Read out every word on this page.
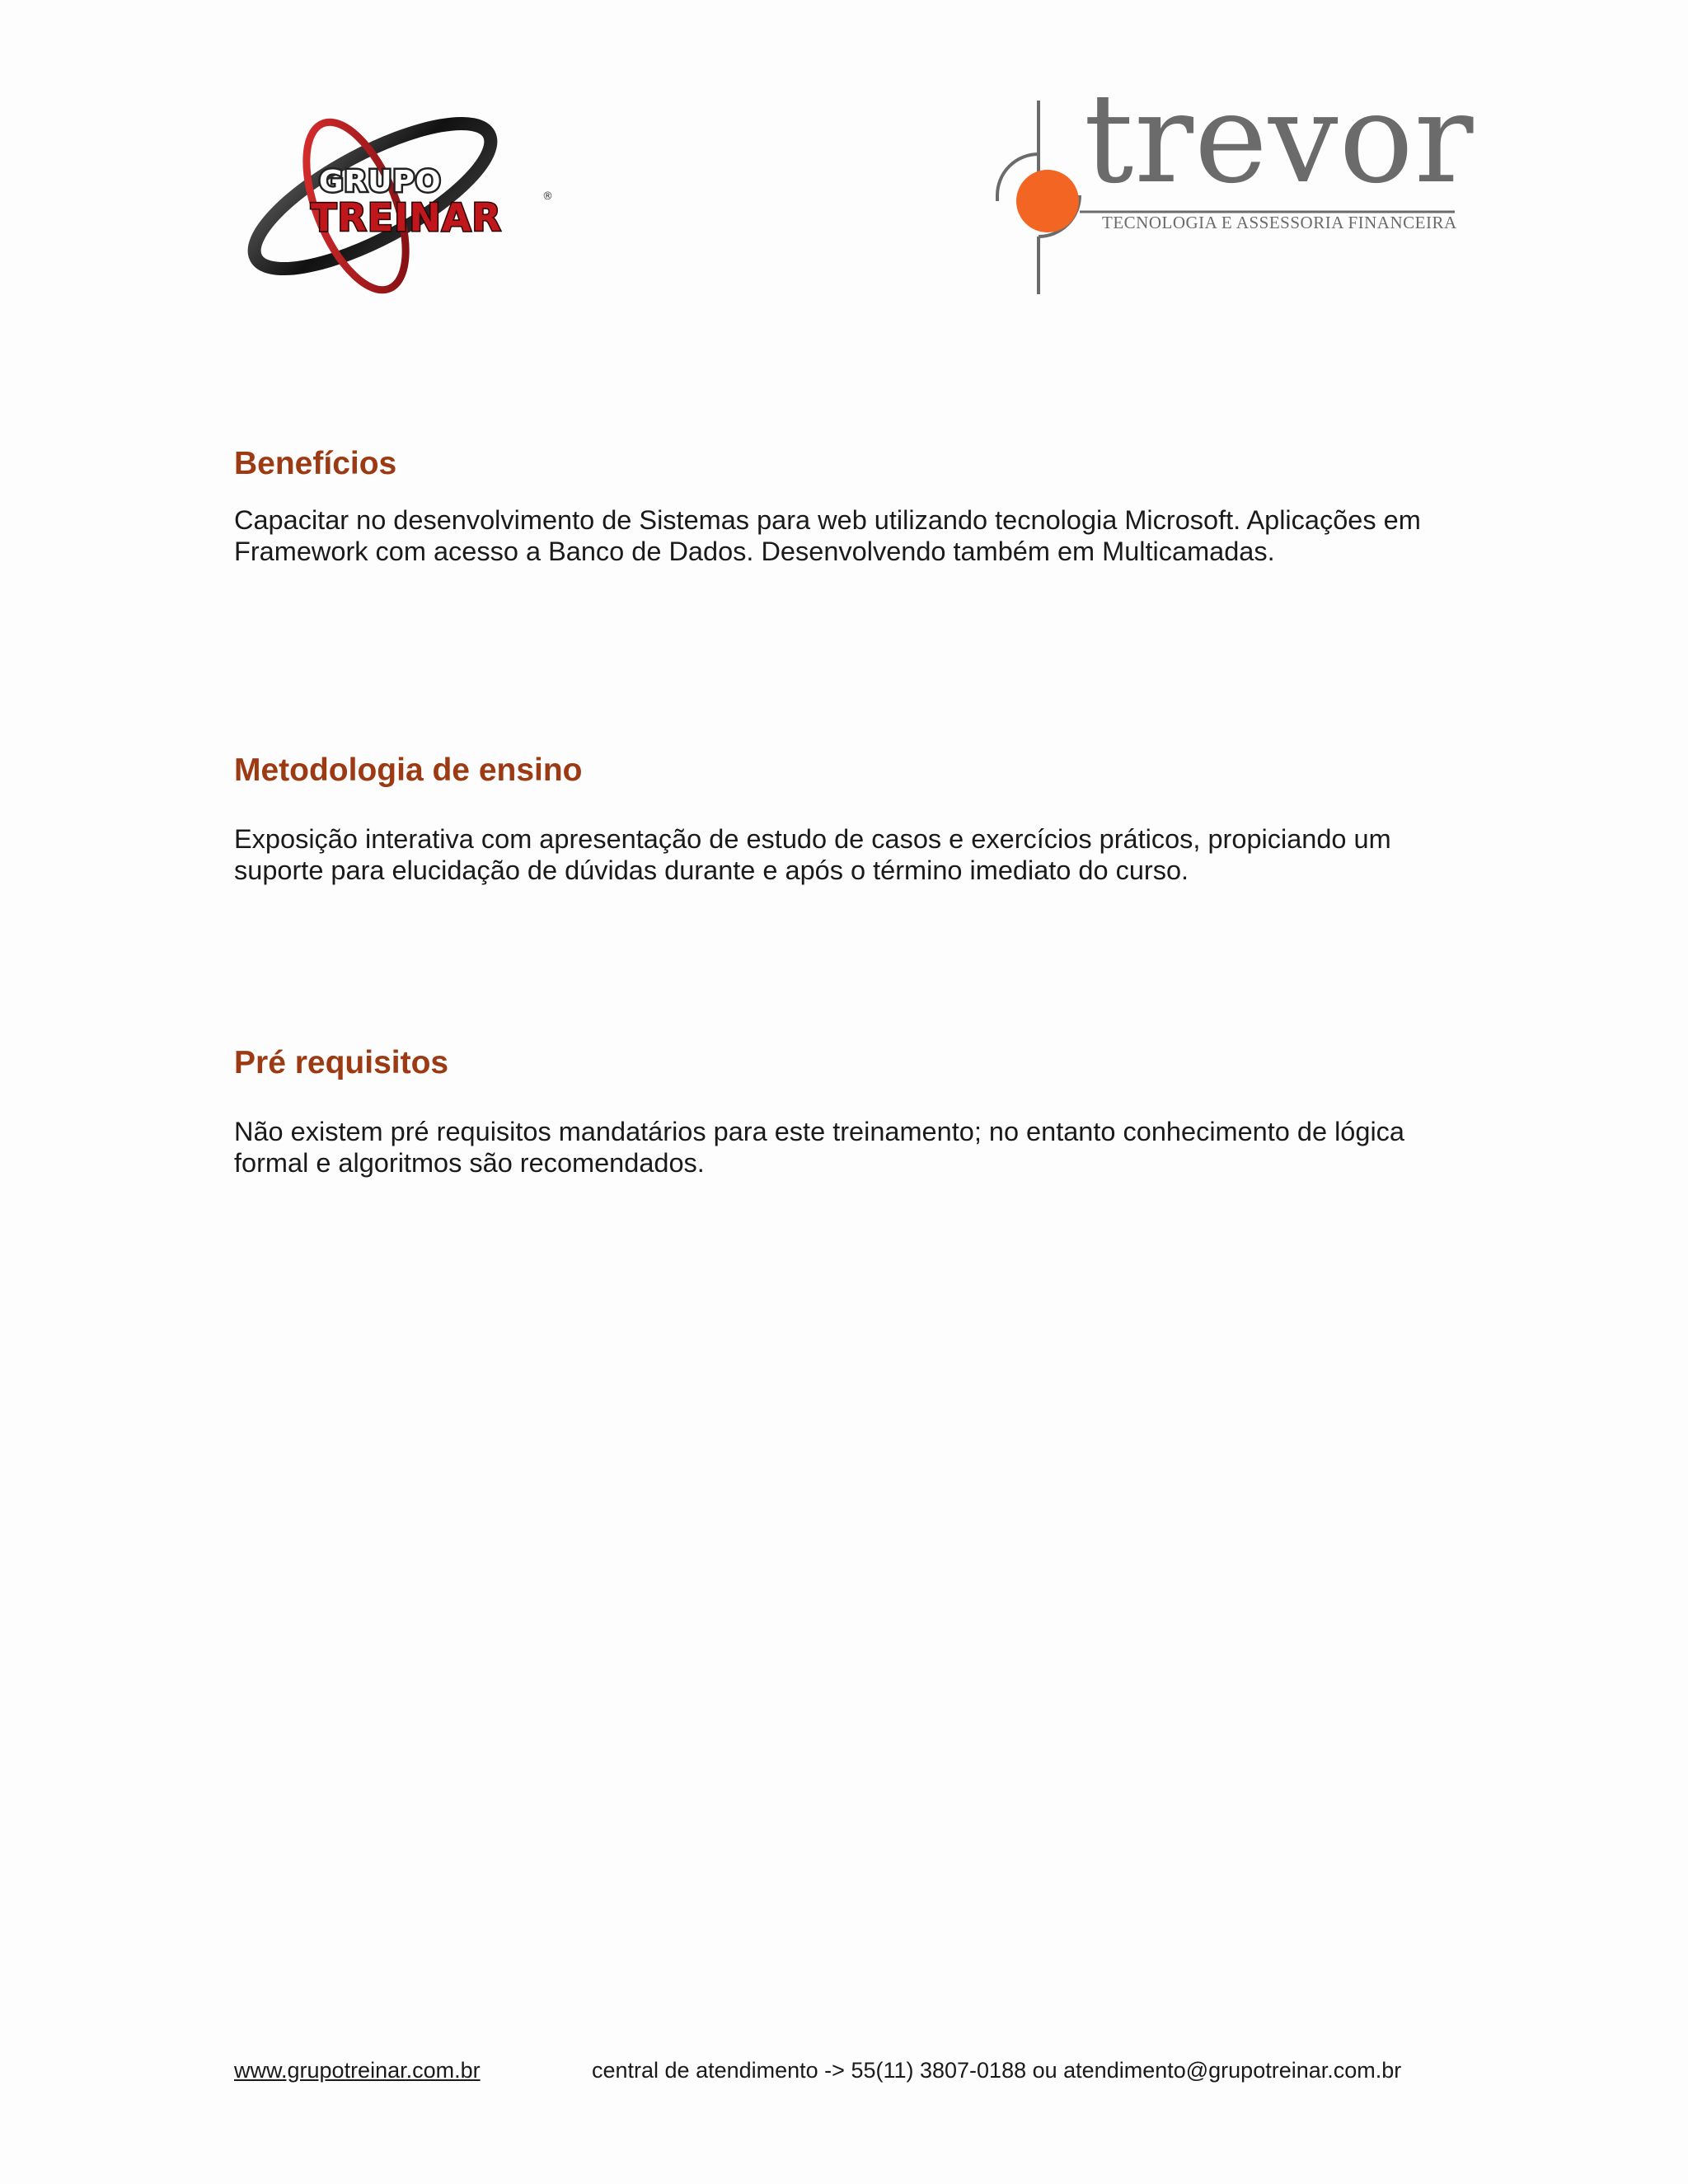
GRUPO
TREINAR	®	trevor
TECNOLOGIA E ASSESSORIA FINANCEIRA
Benefícios

Capacitar no desenvolvimento de Sistemas para web utilizando tecnologia Microsoft. Aplicações em Framework com acesso a Banco de Dados. Desenvolvendo também em Multicamadas.

Metodologia de ensino

Exposição interativa com apresentação de estudo de casos e exercícios práticos, propiciando um suporte para elucidação de dúvidas durante e após o término imediato do curso.

Pré requisitos

Não existem pré requisitos mandatários para este treinamento; no entanto conhecimento de lógica formal e algoritmos são recomendados.

www.grupotreinar.com.br	central de atendimento -> 55(11) 3807-0188 ou atendimento@grupotreinar.com.br
